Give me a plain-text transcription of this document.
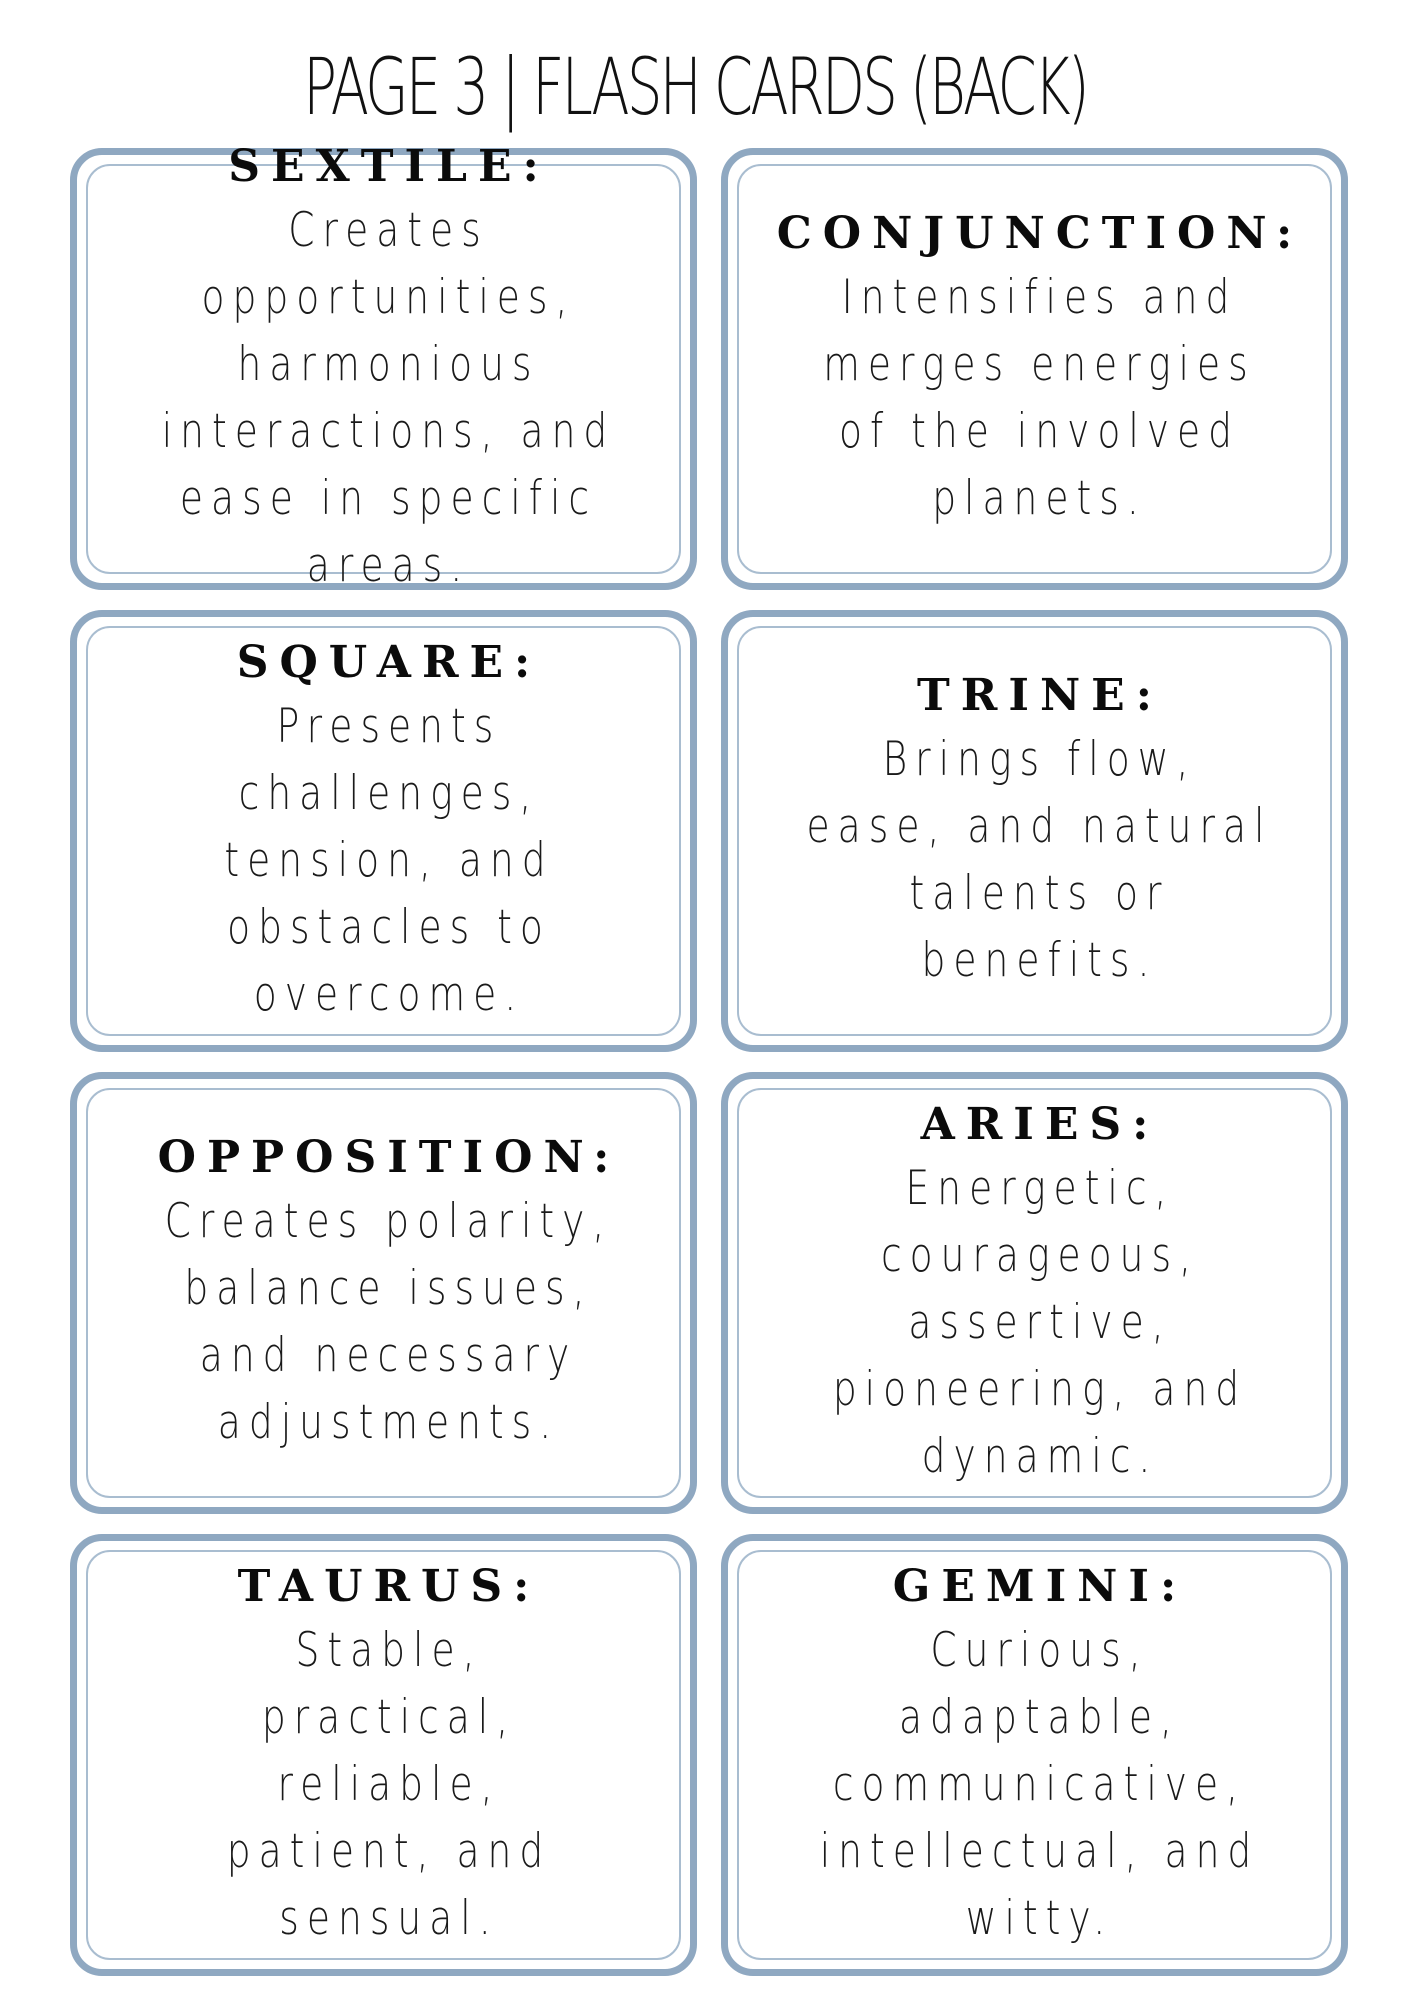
PAGE 3 | FLASH CARDS (BACK)
SEXTILE:
Creates opportunities, harmonious interactions, and ease in specific areas.
CONJUNCTION:
Intensifies and merges energies of the involved planets.
SQUARE:
Presents challenges, tension, and obstacles to overcome.
TRINE:
Brings flow, ease, and natural talents or benefits.
OPPOSITION:
Creates polarity, balance issues, and necessary adjustments.
ARIES:
Energetic, courageous, assertive, pioneering, and dynamic.
TAURUS:
Stable, practical, reliable, patient, and sensual.
GEMINI:
Curious, adaptable, communicative, intellectual, and witty.
